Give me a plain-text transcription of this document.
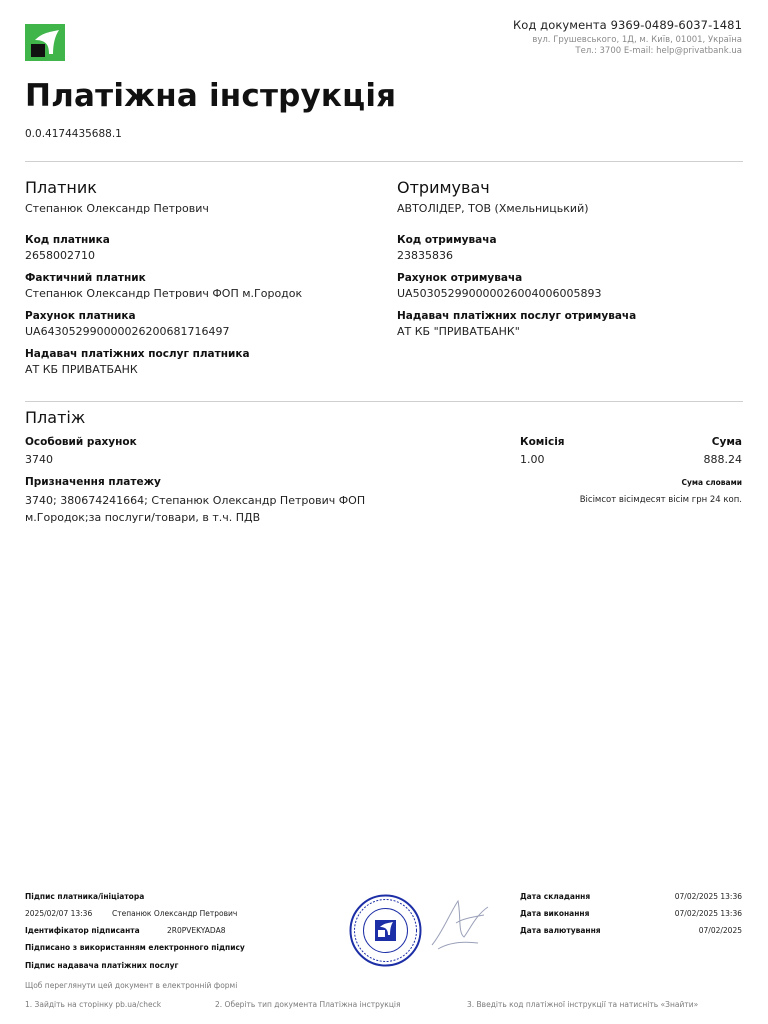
Код документа 9369-0489-6037-1481
вул. Грушевського, 1Д, м. Київ, 01001, Україна
Тел.: 3700 E-mail: help@privatbank.ua
Платіжна інструкція
0.0.4174435688.1
Платник
Степанюк Олександр Петрович
Код платника
2658002710
Фактичний платник
Степанюк Олександр Петрович ФОП м.Городок
Рахунок платника
UA643052990000026200681716497
Надавач платіжних послуг платника
АТ КБ ПРИВАТБАНК
Отримувач
АВТОЛІДЕР, ТОВ (Хмельницький)
Код отримувача
23835836
Рахунок отримувача
UA503052990000026004006005893
Надавач платіжних послуг отримувача
АТ КБ "ПРИВАТБАНК"
Платіж
Особовий рахунок
3740
Комісія
1.00
Сума
888.24
Призначення платежу
3740; 380674241664; Степанюк Олександр Петрович ФОП
м.Городок;за послуги/товари, в т.ч. ПДВ
Сума словами
Вісімсот вісімдесят вісім грн 24 коп.
Підпис платника/ініціатора
2025/02/07 13:36	Степанюк Олександр Петрович
Ідентифікатор підписанта	2R0PVEKYADA8
Підписано з використанням електронного підпису
Підпис надавача платіжних послуг
Дата складання	07/02/2025 13:36
Дата виконання	07/02/2025 13:36
Дата валютування	07/02/2025
Щоб переглянути цей документ в електронній формі
1. Зайдіть на сторінку pb.ua/check	2. Оберіть тип документа Платіжна інструкція	3. Введіть код платіжної інструкції та натисніть «Знайти»
